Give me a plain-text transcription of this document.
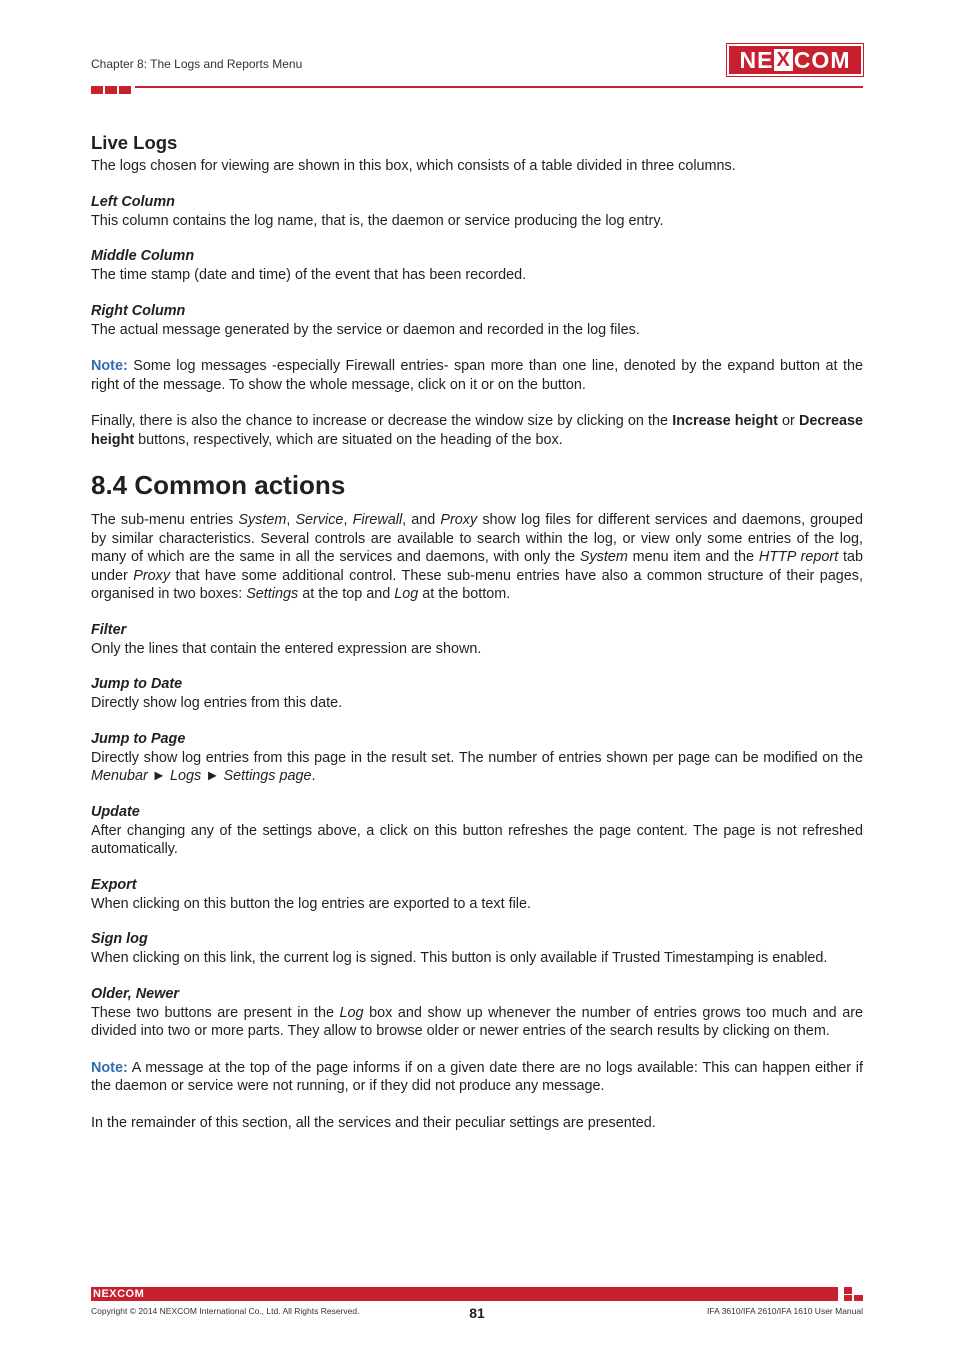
Chapter 8: The Logs and Reports Menu	NE X COM
Live Logs

The logs chosen for viewing are shown in this box, which consists of a table divided in three columns.

Left Column

This column contains the log name, that is, the daemon or service producing the log entry.

Middle Column

The time stamp (date and time) of the event that has been recorded.

Right Column

The actual message generated by the service or daemon and recorded in the log files.

Note: Some log messages -especially Firewall entries- span more than one line, denoted by the expand button at the right of the message. To show the whole message, click on it or on the button.

Finally, there is also the chance to increase or decrease the window size by clicking on the Increase height or Decrease height buttons, respectively, which are situated on the heading of the box.

8.4 Common actions

The sub-menu entries System, Service, Firewall, and Proxy show log files for different services and daemons, grouped by similar characteristics. Several controls are available to search within the log, or view only some entries of the log, many of which are the same in all the services and daemons, with only the System menu item and the HTTP report tab under Proxy that have some additional control. These sub-menu entries have also a common structure of their pages, organised in two boxes: Settings at the top and Log at the bottom.

Filter

Only the lines that contain the entered expression are shown.

Jump to Date

Directly show log entries from this date.

Jump to Page

Directly show log entries from this page in the result set. The number of entries shown per page can be modified on the Menubar ► Logs ► Settings page.

Update

After changing any of the settings above, a click on this button refreshes the page content. The page is not refreshed automatically.

Export

When clicking on this button the log entries are exported to a text file.

Sign log

When clicking on this link, the current log is signed. This button is only available if Trusted Timestamping is enabled.

Older, Newer

These two buttons are present in the Log box and show up whenever the number of entries grows too much and are divided into two or more parts. They allow to browse older or newer entries of the search results by clicking on them.

Note: A message at the top of the page informs if on a given date there are no logs available: This can happen either if the daemon or service were not running, or if they did not produce any message.

In the remainder of this section, all the services and their peculiar settings are presented.

NEXCOM
Copyright © 2014 NEXCOM International Co., Ltd. All Rights Reserved.	81	IFA 3610/IFA 2610/IFA 1610 User Manual
